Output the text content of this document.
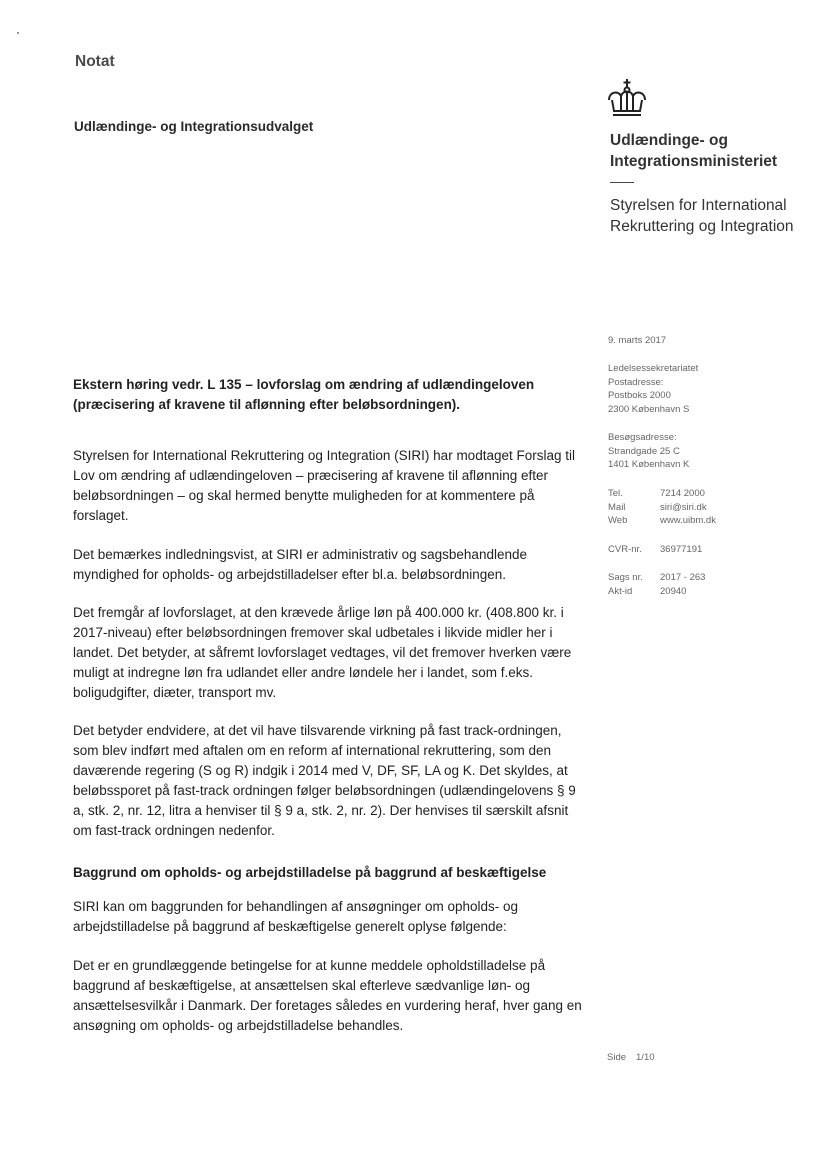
Notat
Udlændinge- og Integrationsudvalget
Udlændinge- og
Integrationsministeriet
Styrelsen for International Rekruttering og Integration
9. marts 2017
Ledelsessekretariatet
Postadresse:
Postboks 2000
2300 København S
Besøgsadresse:
Strandgade 25 C
1401 København K
Tel.	7214 2000
Mail	siri@siri.dk
Web	www.uibm.dk
CVR-nr.	36977191
Sags nr.	2017 - 263
Akt-id	20940
Ekstern høring vedr. L 135 – lovforslag om ændring af udlændingeloven (præcisering af kravene til aflønning efter beløbsordningen).

Styrelsen for International Rekruttering og Integration (SIRI) har modtaget Forslag til Lov om ændring af udlændingeloven – præcisering af kravene til aflønning efter beløbsordningen – og skal hermed benytte muligheden for at kommentere på forslaget.

Det bemærkes indledningsvist, at SIRI er administrativ og sagsbehandlende myndighed for opholds- og arbejdstilladelser efter bl.a. beløbsordningen.

Det fremgår af lovforslaget, at den krævede årlige løn på 400.000 kr. (408.800 kr. i 2017-niveau) efter beløbsordningen fremover skal udbetales i likvide midler her i landet. Det betyder, at såfremt lovforslaget vedtages, vil det fremover hverken være muligt at indregne løn fra udlandet eller andre løndele her i landet, som f.eks. boligudgifter, diæter, transport mv.

Det betyder endvidere, at det vil have tilsvarende virkning på fast track-ordningen, som blev indført med aftalen om en reform af international rekruttering, som den daværende regering (S og R) indgik i 2014 med V, DF, SF, LA og K. Det skyldes, at beløbssporet på fast-track ordningen følger beløbsordningen (udlændingelovens § 9 a, stk. 2, nr. 12, litra a henviser til § 9 a, stk. 2, nr. 2). Der henvises til særskilt afsnit om fast-track ordningen nedenfor.

Baggrund om opholds- og arbejdstilladelse på baggrund af beskæftigelse

SIRI kan om baggrunden for behandlingen af ansøgninger om opholds- og arbejdstilladelse på baggrund af beskæftigelse generelt oplyse følgende:

Det er en grundlæggende betingelse for at kunne meddele opholdstilladelse på baggrund af beskæftigelse, at ansættelsen skal efterleve sædvanlige løn- og ansættelsesvilkår i Danmark. Der foretages således en vurdering heraf, hver gang en ansøgning om opholds- og arbejdstilladelse behandles.

Side 1/10
